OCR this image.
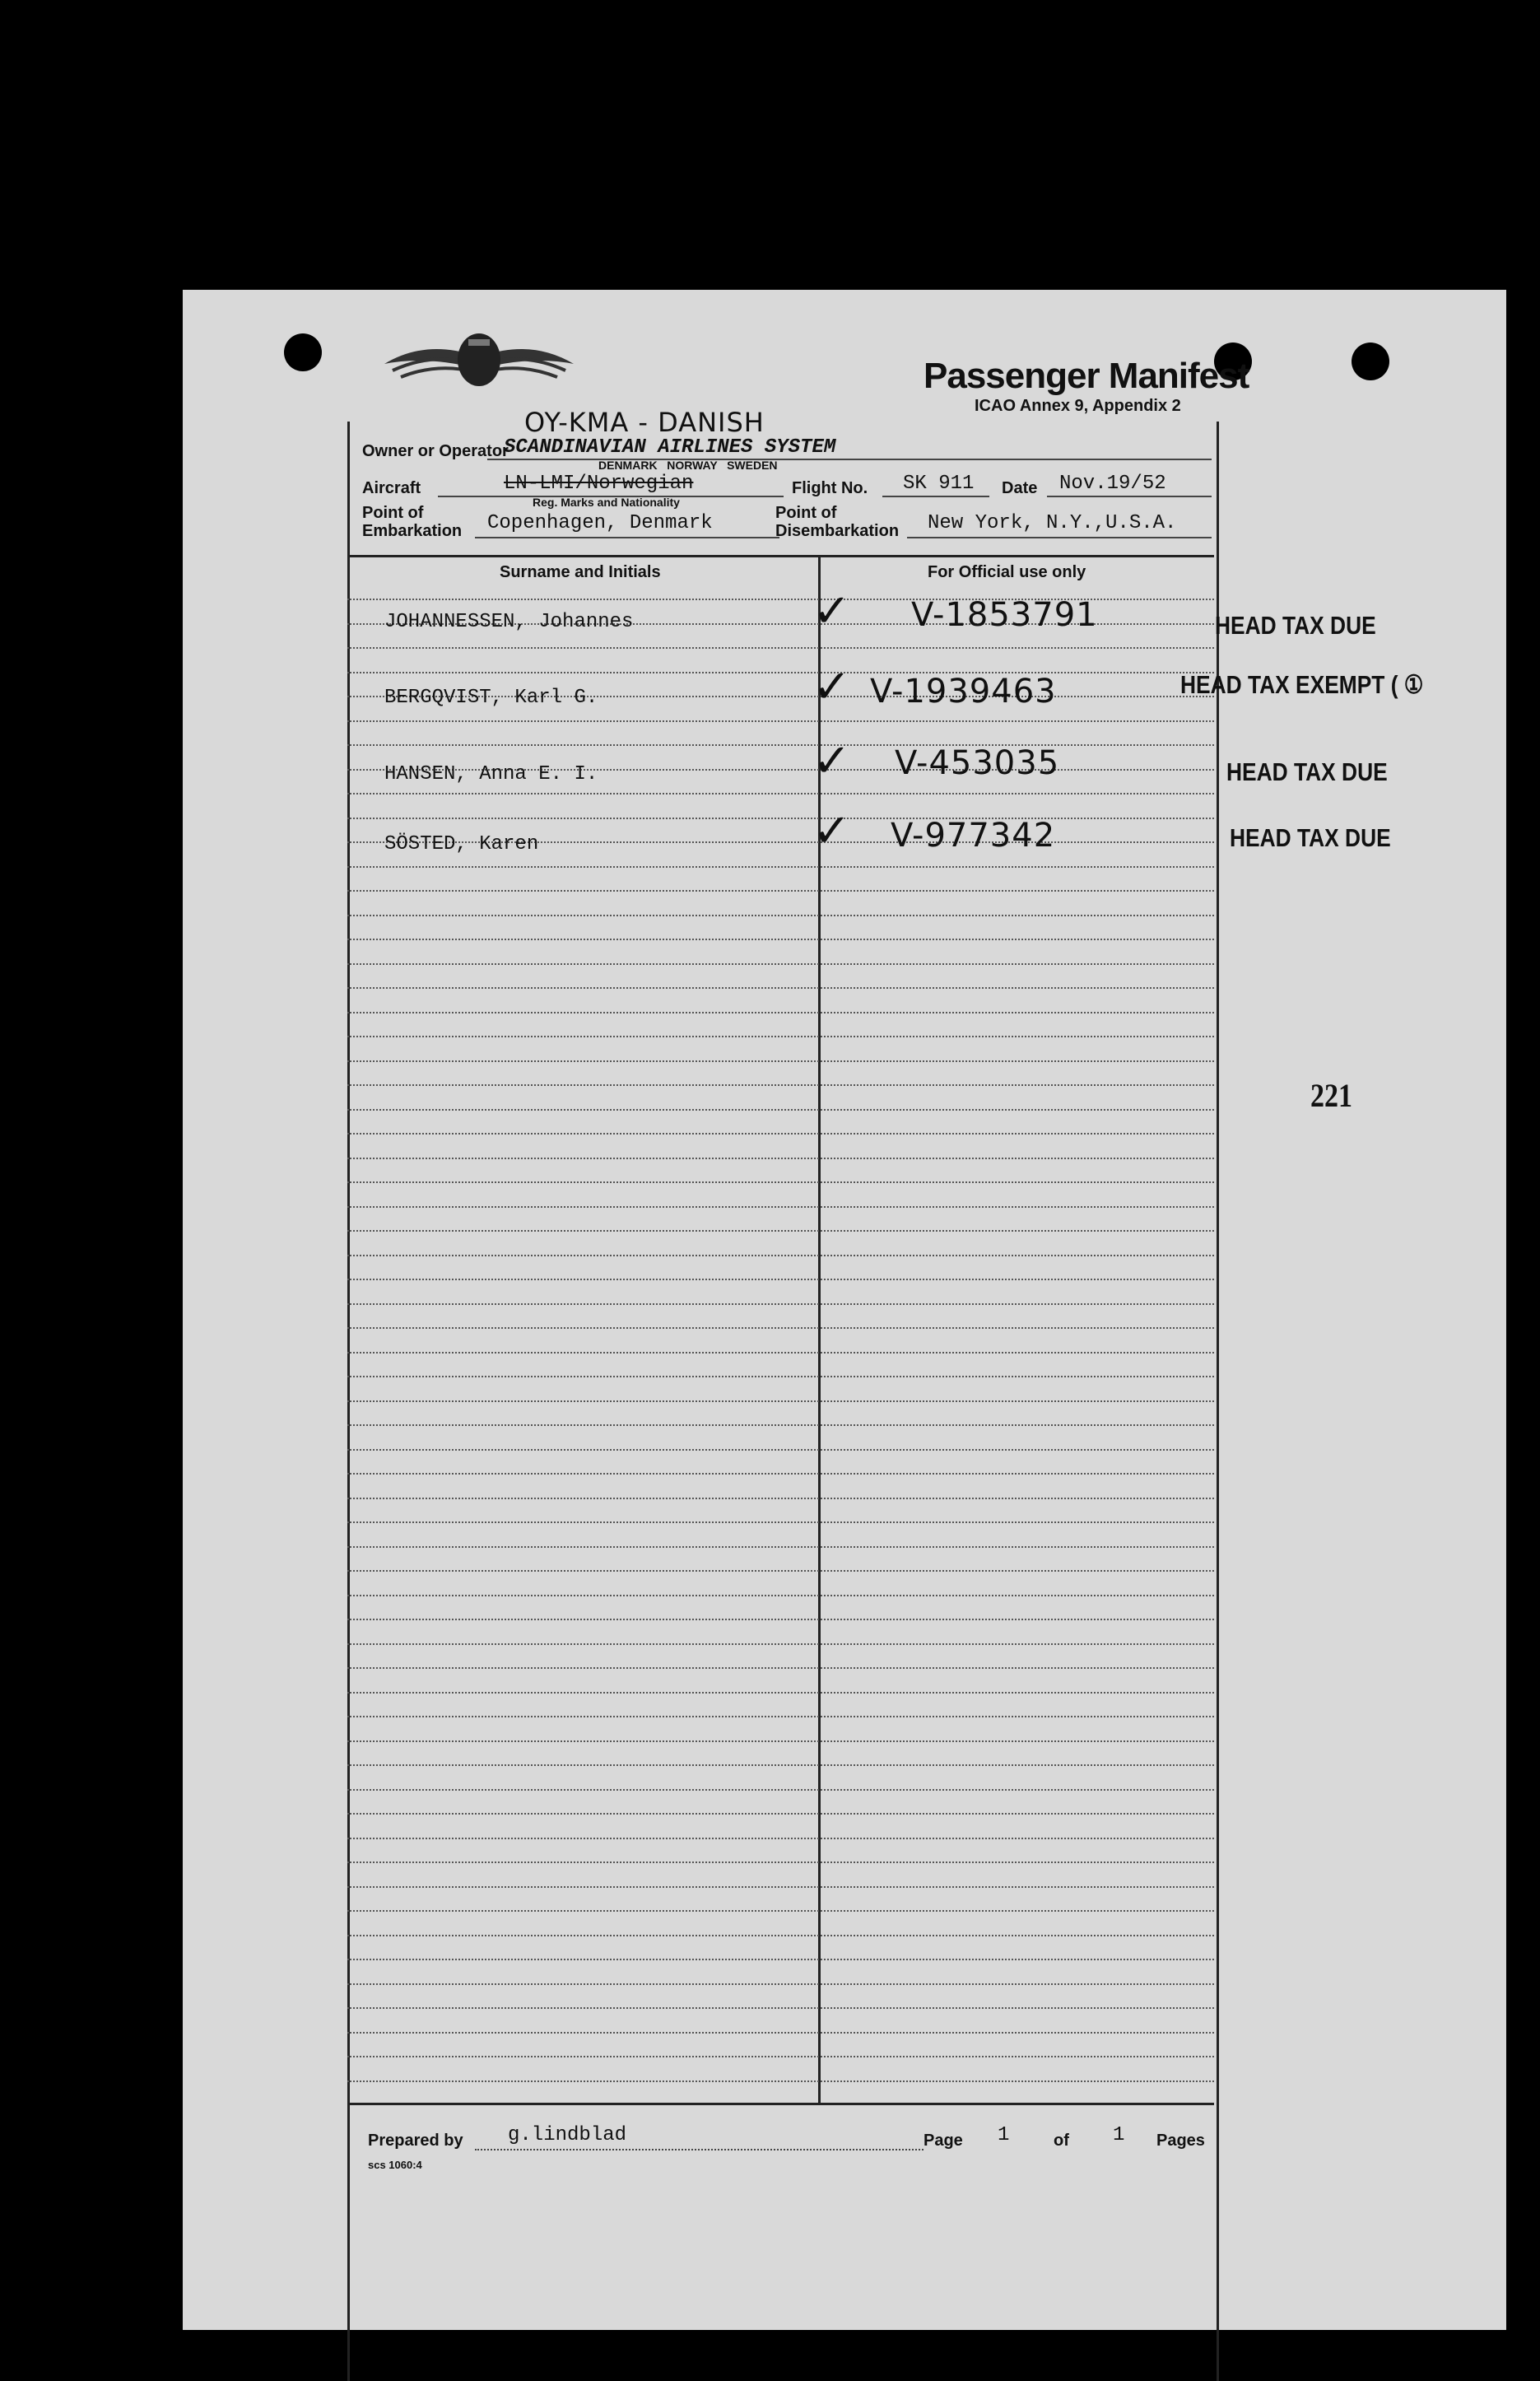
Passenger Manifest
ICAO Annex 9, Appendix 2
Owner or Operator
OY-KMA - DANISH
SCANDINAVIAN AIRLINES SYSTEM
DENMARK   NORWAY   SWEDEN
Aircraft	LN-LMI/Norwegian
Reg. Marks and Nationality
Flight No. SK 911 Date Nov.19/52
Point of
Embarkation Copenhagen, Denmark	Point of
Disembarkation New York, N.Y.,U.S.A.
Surname and Initials	For Official use only
JOHANNESSEN, Johannes	✓ V-1853791	HEAD TAX DUE
BERGQVIST, Karl G.	✓ V-1939463	HEAD TAX EXEMPT ( ①
HANSEN, Anna E. I.	✓ V-453035	HEAD TAX DUE
SÖSTED, Karen	✓ V-977342	HEAD TAX DUE
221
Prepared by g.lindblad	Page 1	of 1 Pages
scs 1060:4
